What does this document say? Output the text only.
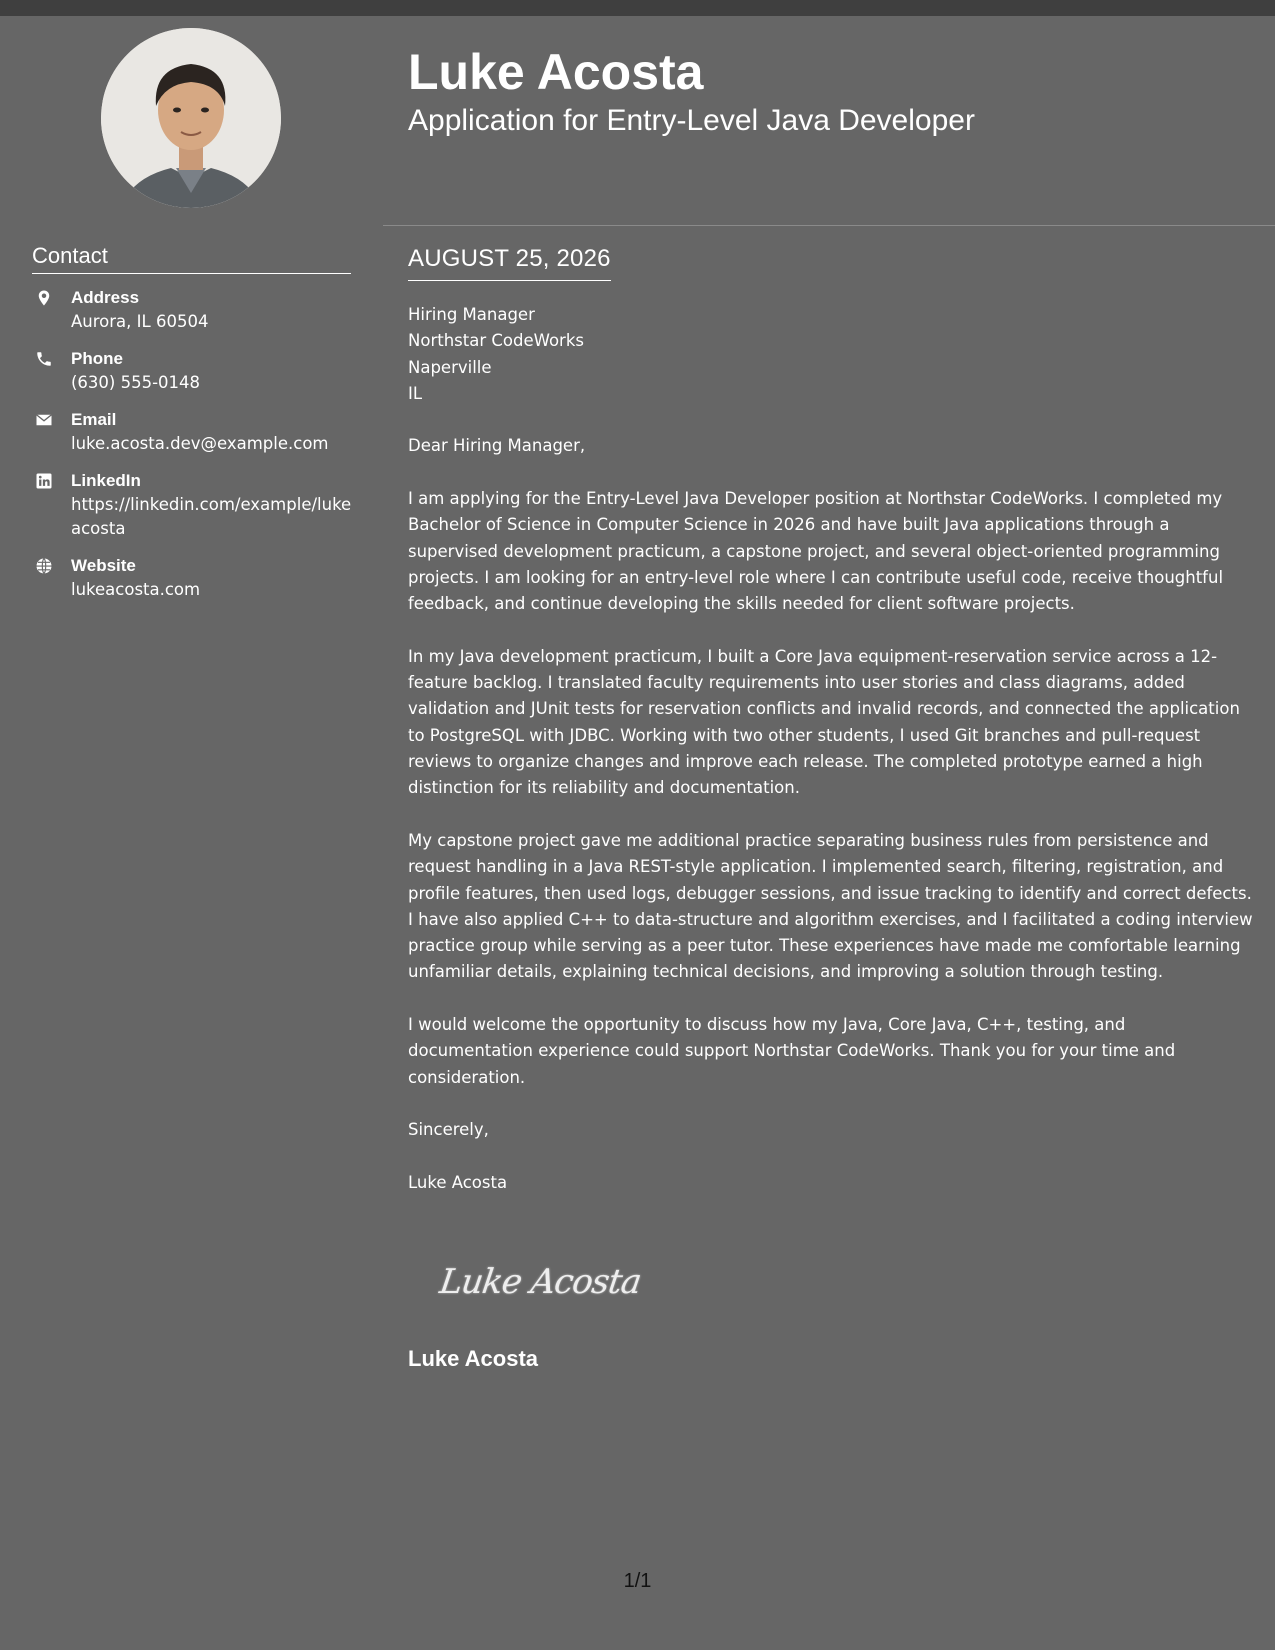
Contact
Address
Aurora, IL 60504
Phone
(630) 555-0148
Email
luke.acosta.dev@example.com
LinkedIn
https://linkedin.com/example/lukeacosta
Website
lukeacosta.com
Luke Acosta
Application for Entry-Level Java Developer
AUGUST 25, 2026

Hiring Manager
Northstar CodeWorks
Naperville
IL

Dear Hiring Manager,

I am applying for the Entry-Level Java Developer position at Northstar CodeWorks. I completed my Bachelor of Science in Computer Science in 2026 and have built Java applications through a supervised development practicum, a capstone project, and several object-oriented programming projects. I am looking for an entry-level role where I can contribute useful code, receive thoughtful feedback, and continue developing the skills needed for client software projects.

In my Java development practicum, I built a Core Java equipment-reservation service across a 12-feature backlog. I translated faculty requirements into user stories and class diagrams, added validation and JUnit tests for reservation conflicts and invalid records, and connected the application to PostgreSQL with JDBC. Working with two other students, I used Git branches and pull-request reviews to organize changes and improve each release. The completed prototype earned a high distinction for its reliability and documentation.

My capstone project gave me additional practice separating business rules from persistence and request handling in a Java REST-style application. I implemented search, filtering, registration, and profile features, then used logs, debugger sessions, and issue tracking to identify and correct defects. I have also applied C++ to data-structure and algorithm exercises, and I facilitated a coding interview practice group while serving as a peer tutor. These experiences have made me comfortable learning unfamiliar details, explaining technical decisions, and improving a solution through testing.

I would welcome the opportunity to discuss how my Java, Core Java, C++, testing, and documentation experience could support Northstar CodeWorks. Thank you for your time and consideration.

Sincerely,

Luke Acosta

Luke Acosta
Luke Acosta
1/1
